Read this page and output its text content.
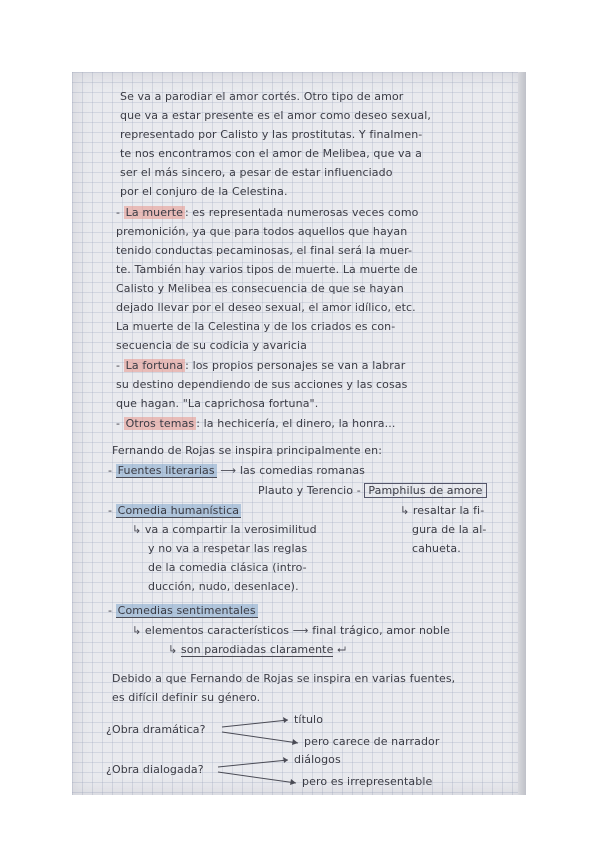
Se va a parodiar el amor cortés. Otro tipo de amor
que va a estar presente es el amor como deseo sexual,
representado por Calisto y las prostitutas. Y finalmen-
te nos encontramos con el amor de Melibea, que va a
ser el más sincero, a pesar de estar influenciado
por el conjuro de la Celestina.
- La muerte : es representada numerosas veces como
premonición, ya que para todos aquellos que hayan
tenido conductas pecaminosas, el final será la muer-
te. También hay varios tipos de muerte. La muerte de
Calisto y Melibea es consecuencia de que se hayan
dejado llevar por el deseo sexual, el amor idílico, etc.
La muerte de la Celestina y de los criados es con-
secuencia de su codicia y avaricia
- La fortuna : los propios personajes se van a labrar
su destino dependiendo de sus acciones y las cosas
que hagan. "La caprichosa fortuna".
- Otros temas : la hechicería, el dinero, la honra...
Fernando de Rojas se inspira principalmente en:
- Fuentes literarias ⟶ las comedias romanas
Plauto y Terencio - Pamphilus de amore
↳ resaltar la fi-
gura de la al-
cahueta.
- Comedia humanística
↳ va a compartir la verosimilitud
y no va a respetar las reglas
de la comedia clásica (intro-
ducción, nudo, desenlace).
- Comedias sentimentales
↳ elementos característicos ⟶ final trágico, amor noble
↳ son parodiadas claramente ⮠
Debido a que Fernando de Rojas se inspira en varias fuentes,
es difícil definir su género.
¿Obra dramática?
título
pero carece de narrador
¿Obra dialogada?
diálogos
pero es irrepresentable
